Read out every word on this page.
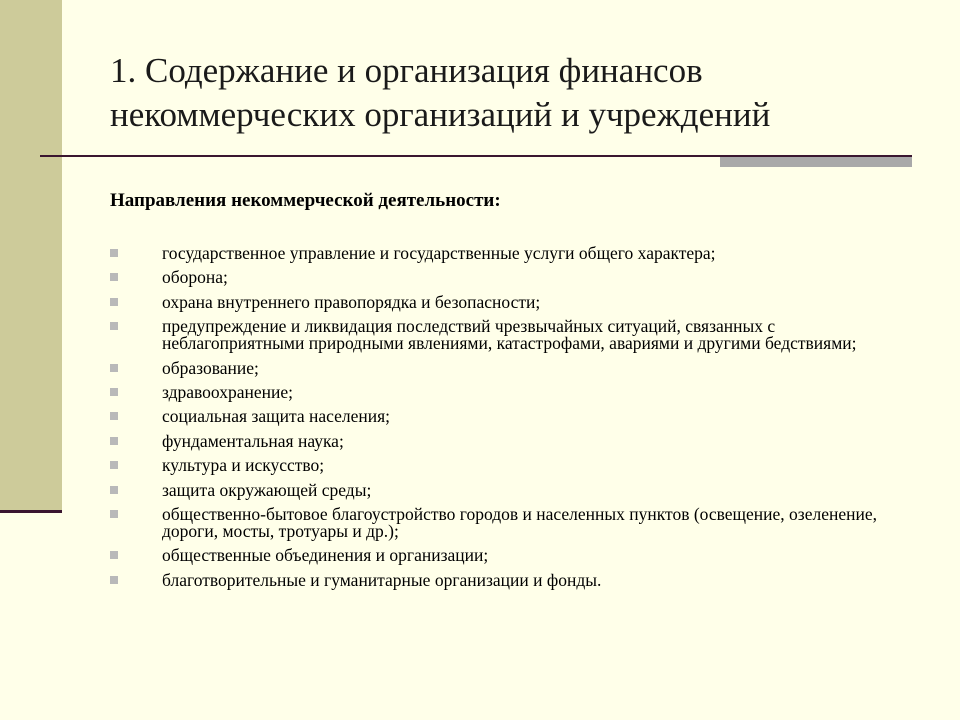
1. Содержание и организация финансов
некоммерческих организаций и учреждений
Направления некоммерческой деятельности:
государственное управление и государственные услуги общего характера;
оборона;
охрана внутреннего правопорядка и безопасности;
предупреждение и ликвидация последствий чрезвычайных ситуаций, связанных с неблагоприятными природными явлениями, катастрофами, авариями и другими бедствиями;
образование;
здравоохранение;
социальная защита населения;
фундаментальная наука;
культура и искусство;
защита окружающей среды;
общественно-бытовое благоустройство городов и населенных пунктов (освещение, озеленение, дороги, мосты, тротуары и др.);
общественные объединения и организации;
благотворительные и гуманитарные организации и фонды.
